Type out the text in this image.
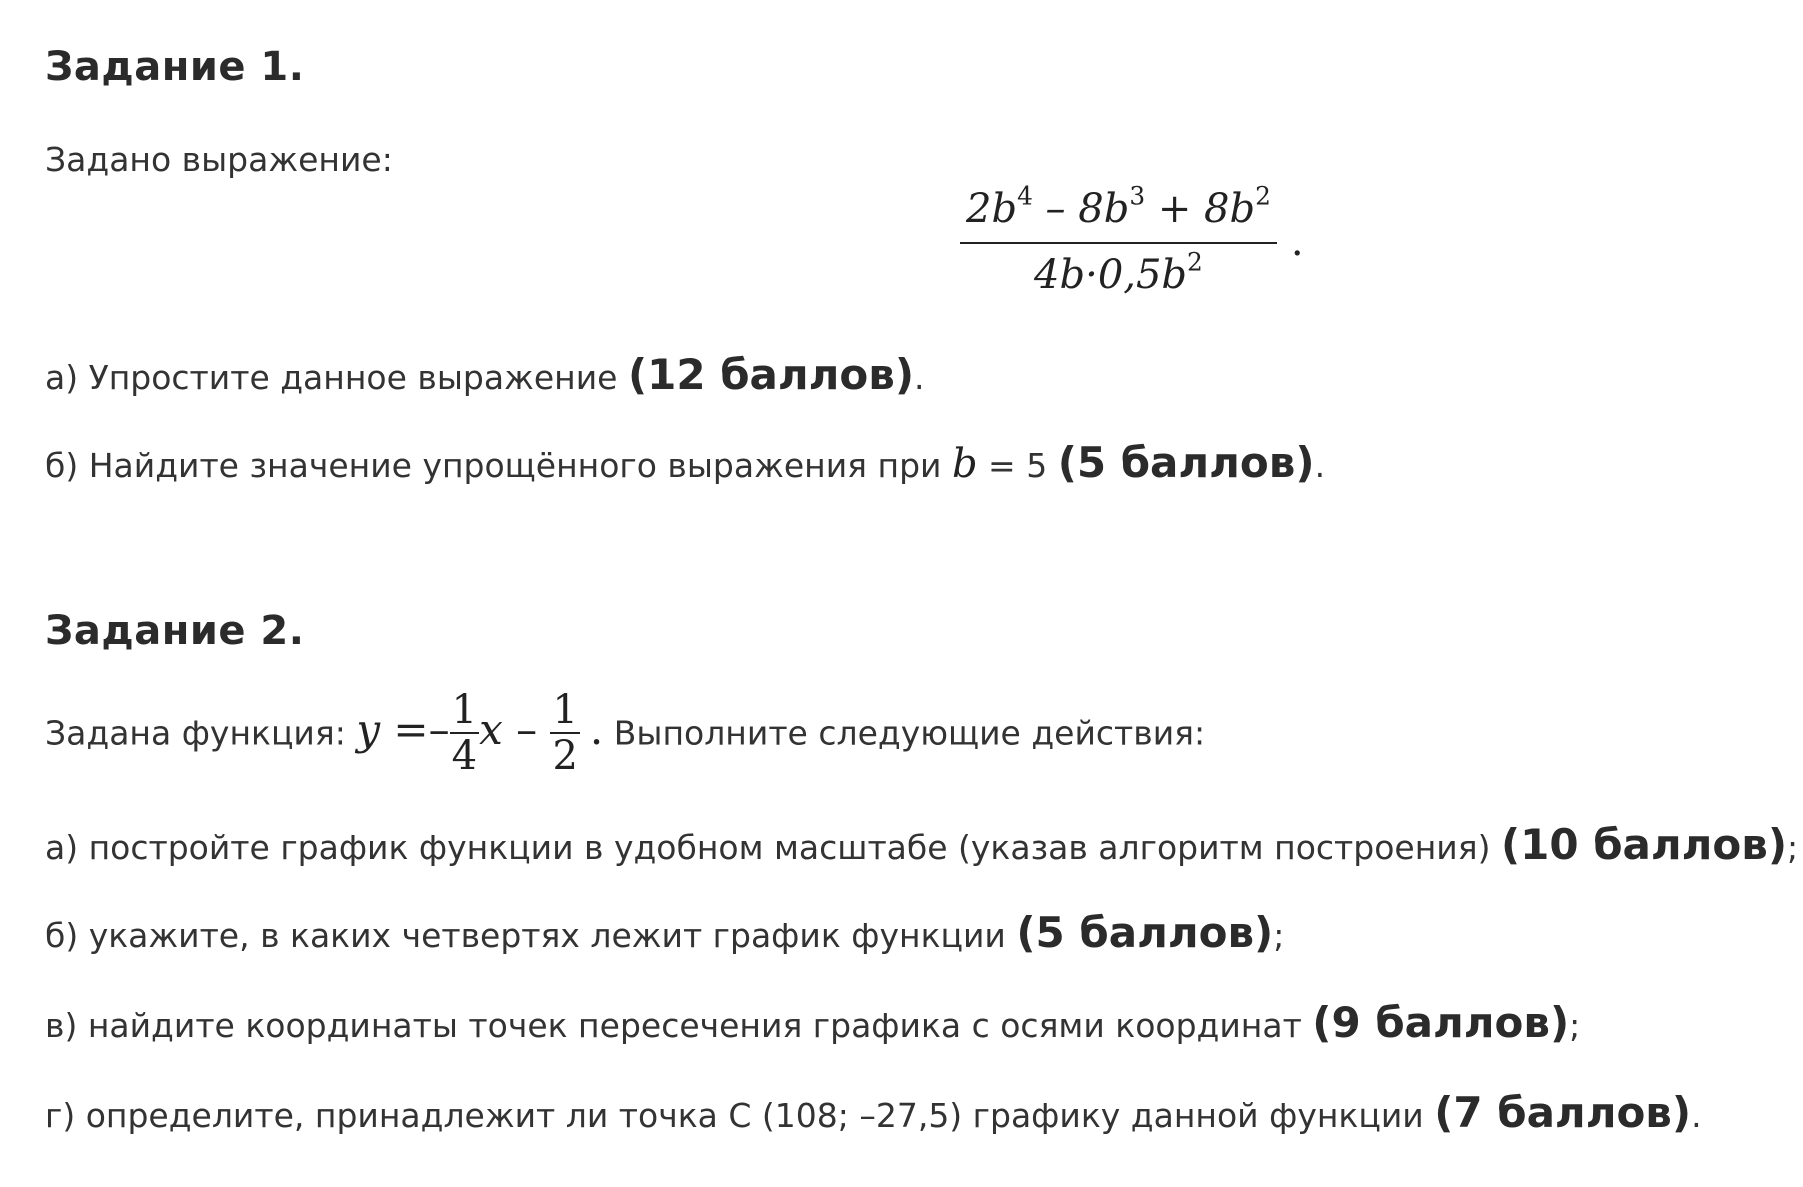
Задание 1.
Задано выражение:
$\frac{2b^4 - 8b^3 + 8b^2}{4b\cdot 0,5b^2}$ .
а) Упростите данное выражение (12 баллов).
б) Найдите значение упрощённого выражения при b = 5 (5 баллов).
Задание 2.
Задана функция: $y =- \frac{1}{4}$ x – $\frac{1}{2}$ . Выполните следующие действия:
а) постройте график функции в удобном масштабе (указав алгоритм построения) (10 баллов);
б) укажите, в каких четвертях лежит график функции (5 баллов);
в) найдите координаты точек пересечения графика с осями координат (9 баллов);
г) определите, принадлежит ли точка С (108; –27,5) графику данной функции (7 баллов).
